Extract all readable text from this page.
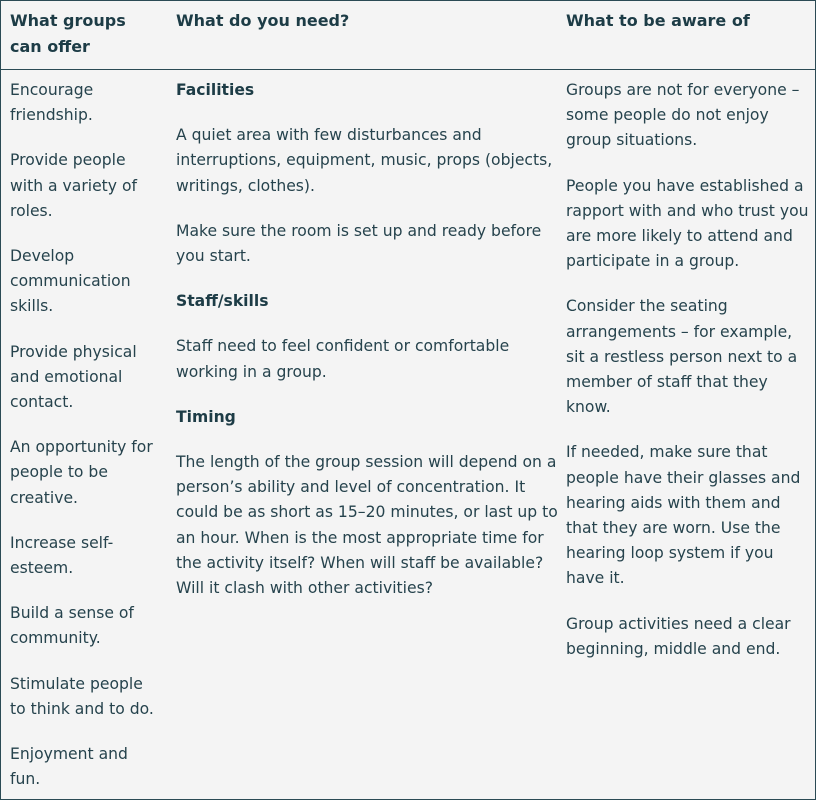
What groups can offer
What do you need?	What to be aware of

Encourage friendship.

Provide people with a variety of roles.

Develop communication skills.

Provide physical and emotional contact.

An opportunity for people to be creative.

Increase self-esteem.

Build a sense of community.

Stimulate people to think and to do.

Enjoyment and fun.

Facilities

A quiet area with few disturbances and interruptions, equipment, music, props (objects, writings, clothes).

Make sure the room is set up and ready before you start.

Staff/skills

Staff need to feel confident or comfortable working in a group.

Timing

The length of the group session will depend on a person’s ability and level of concentration. It could be as short as 15–20 minutes, or last up to an hour. When is the most appropriate time for the activity itself? When will staff be available? Will it clash with other activities?

Groups are not for everyone – some people do not enjoy group situations.

People you have established a rapport with and who trust you are more likely to attend and participate in a group.

Consider the seating arrangements – for example, sit a restless person next to a member of staff that they know.

If needed, make sure that people have their glasses and hearing aids with them and that they are worn. Use the hearing loop system if you have it.

Group activities need a clear beginning, middle and end.
